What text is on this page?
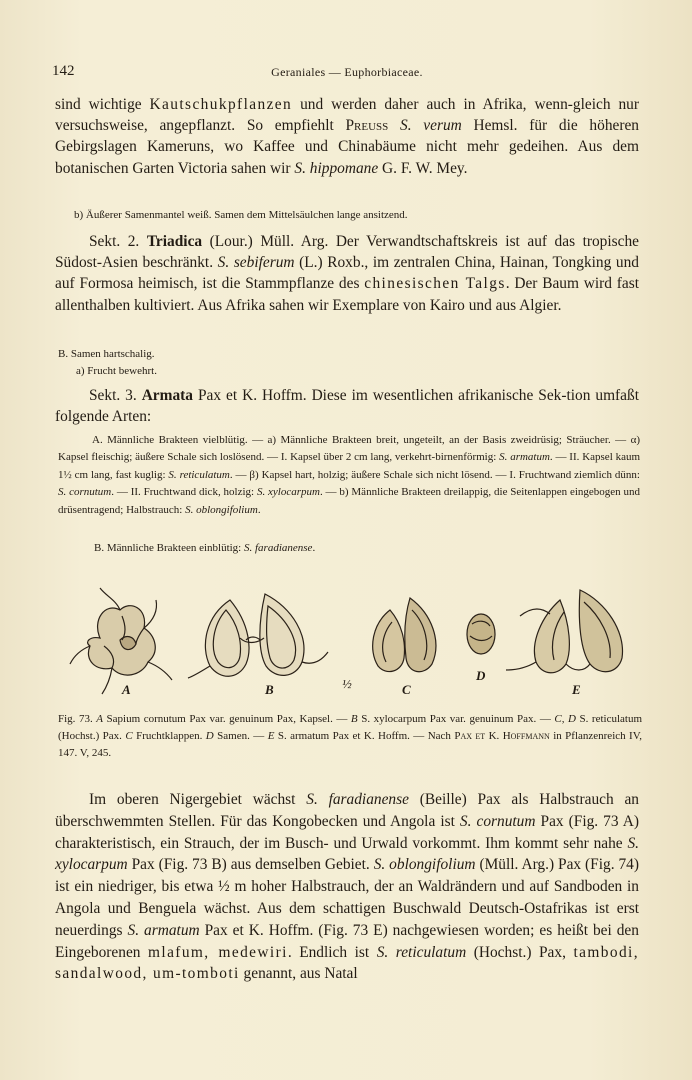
142	Geraniales — Euphorbiaceae.

sind wichtige Kautschukpflanzen und werden daher auch in Afrika, wenn-gleich nur versuchsweise, angepflanzt. So empfiehlt Preuss S. verum Hemsl. für die höheren Gebirgslagen Kameruns, wo Kaffee und Chinabäume nicht mehr gedeihen. Aus dem botanischen Garten Victoria sahen wir S. hippomane G. F. W. Mey.

b) Äußerer Samenmantel weiß. Samen dem Mittelsäulchen lange ansitzend.

Sekt. 2. Triadica (Lour.) Müll. Arg. Der Verwandtschaftskreis ist auf das tropische Südost-Asien beschränkt. S. sebiferum (L.) Roxb., im zentralen China, Hainan, Tongking und auf Formosa heimisch, ist die Stammpflanze des chinesischen Talgs. Der Baum wird fast allenthalben kultiviert. Aus Afrika sahen wir Exemplare von Kairo und aus Algier.

B. Samen hartschalig.
a) Frucht bewehrt.

Sekt. 3. Armata Pax et K. Hoffm. Diese im wesentlichen afrikanische Sek-tion umfaßt folgende Arten:

A. Männliche Brakteen vielblütig. — a) Männliche Brakteen breit, ungeteilt, an der Basis zweidrüsig; Sträucher. — α) Kapsel fleischig; äußere Schale sich loslösend. — I. Kapsel über 2 cm lang, verkehrt-birnenförmig: S. armatum. — II. Kapsel kaum 1½ cm lang, fast kuglig: S. reticulatum. — β) Kapsel hart, holzig; äußere Schale sich nicht lösend. — I. Fruchtwand ziemlich dünn: S. cornutum. — II. Fruchtwand dick, holzig: S. xylocarpum. — b) Männliche Brakteen dreilappig, die Seitenlappen eingebogen und drüsentragend; Halbstrauch: S. oblongifolium.

B. Männliche Brakteen einblütig: S. faradianense.
A	B	½	C
D
E
Fig. 73. A Sapium cornutum Pax var. genuinum Pax, Kapsel. — B S. xylocarpum Pax var. genuinum Pax. — C, D S. reticulatum (Hochst.) Pax. C Fruchtklappen. D Samen. — E S. armatum Pax et K. Hoffm. — Nach Pax et K. Hoffmann in Pflanzenreich IV, 147. V, 245.

Im oberen Nigergebiet wächst S. faradianense (Beille) Pax als Halbstrauch an überschwemmten Stellen. Für das Kongobecken und Angola ist S. cornutum Pax (Fig. 73 A) charakteristisch, ein Strauch, der im Busch- und Urwald vorkommt. Ihm kommt sehr nahe S. xylocarpum Pax (Fig. 73 B) aus demselben Gebiet. S. oblongifolium (Müll. Arg.) Pax (Fig. 74) ist ein niedriger, bis etwa ½ m hoher Halbstrauch, der an Waldrändern und auf Sandboden in Angola und Benguela wächst. Aus dem schattigen Buschwald Deutsch-Ostafrikas ist erst neuerdings S. armatum Pax et K. Hoffm. (Fig. 73 E) nachgewiesen worden; es heißt bei den Eingeborenen mlafum, medewiri. Endlich ist S. reticulatum (Hochst.) Pax, tambodi, sandalwood, um-tomboti genannt, aus Natal
